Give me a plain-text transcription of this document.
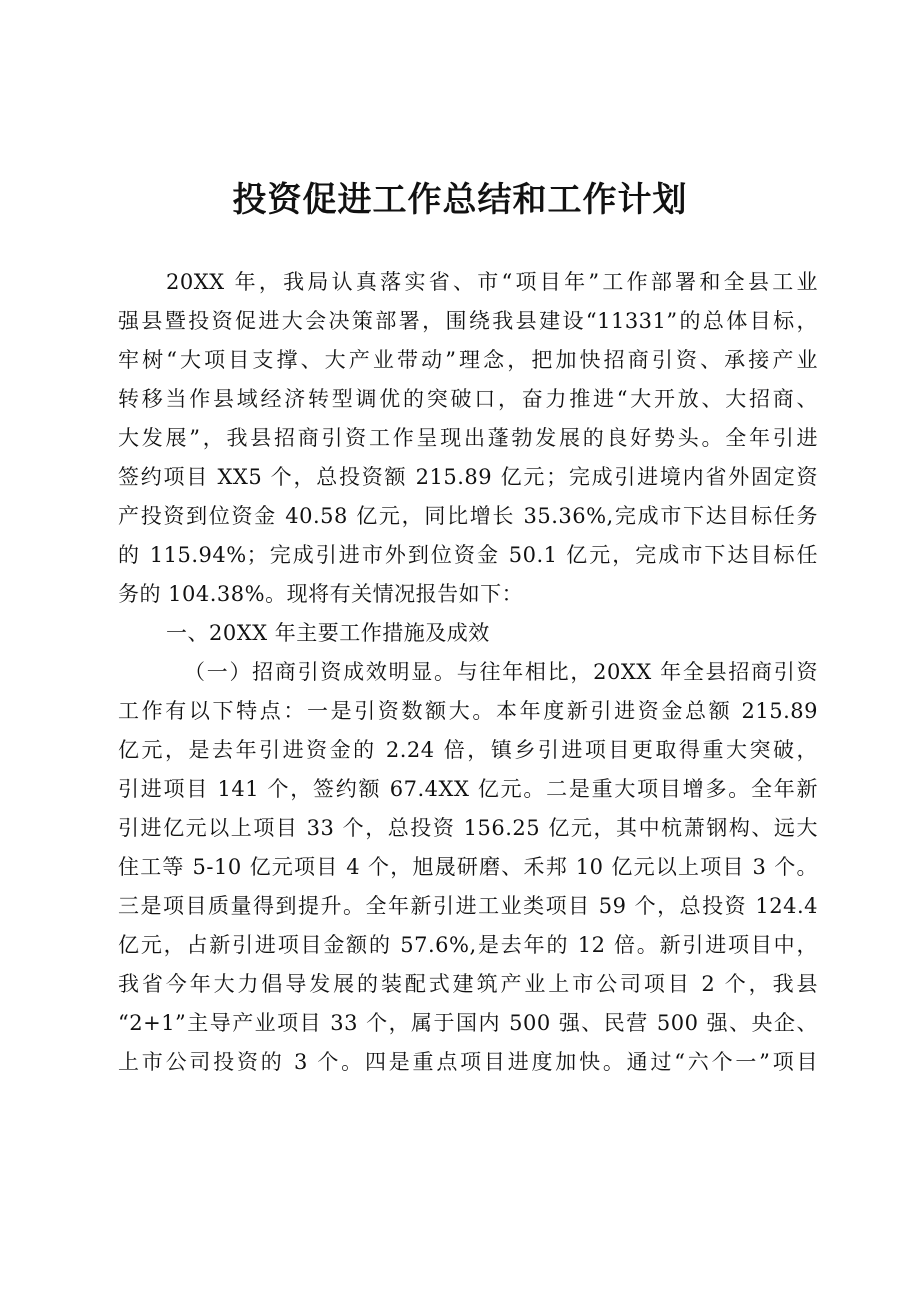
投资促进工作总结和工作计划
20XX 年，我局认真落实省、市“项目年”工作部署和全县工业
强县暨投资促进大会决策部署，围绕我县建设“11331”的总体目标，
牢树“大项目支撑、大产业带动”理念，把加快招商引资、承接产业
转移当作县域经济转型调优的突破口，奋力推进“大开放、大招商、
大发展”，我县招商引资工作呈现出蓬勃发展的良好势头。全年引进
签约项目 XX5 个，总投资额 215.89 亿元；完成引进境内省外固定资
产投资到位资金 40.58 亿元，同比增长 35.36%,完成市下达目标任务
的 115.94%；完成引进市外到位资金 50.1 亿元，完成市下达目标任
务的 104.38%。现将有关情况报告如下：
一、20XX 年主要工作措施及成效
（一）招商引资成效明显。与往年相比，20XX 年全县招商引资
工作有以下特点：一是引资数额大。本年度新引进资金总额 215.89
亿元，是去年引进资金的 2.24 倍，镇乡引进项目更取得重大突破，
引进项目 141 个，签约额 67.4XX 亿元。二是重大项目增多。全年新
引进亿元以上项目 33 个，总投资 156.25 亿元，其中杭萧钢构、远大
住工等 5-10 亿元项目 4 个，旭晟研磨、禾邦 10 亿元以上项目 3 个。
三是项目质量得到提升。全年新引进工业类项目 59 个，总投资 124.4
亿元，占新引进项目金额的 57.6%,是去年的 12 倍。新引进项目中，
我省今年大力倡导发展的装配式建筑产业上市公司项目 2 个，我县
“2+1”主导产业项目 33 个，属于国内 500 强、民营 500 强、央企、
上市公司投资的 3 个。四是重点项目进度加快。通过“六个一”项目
